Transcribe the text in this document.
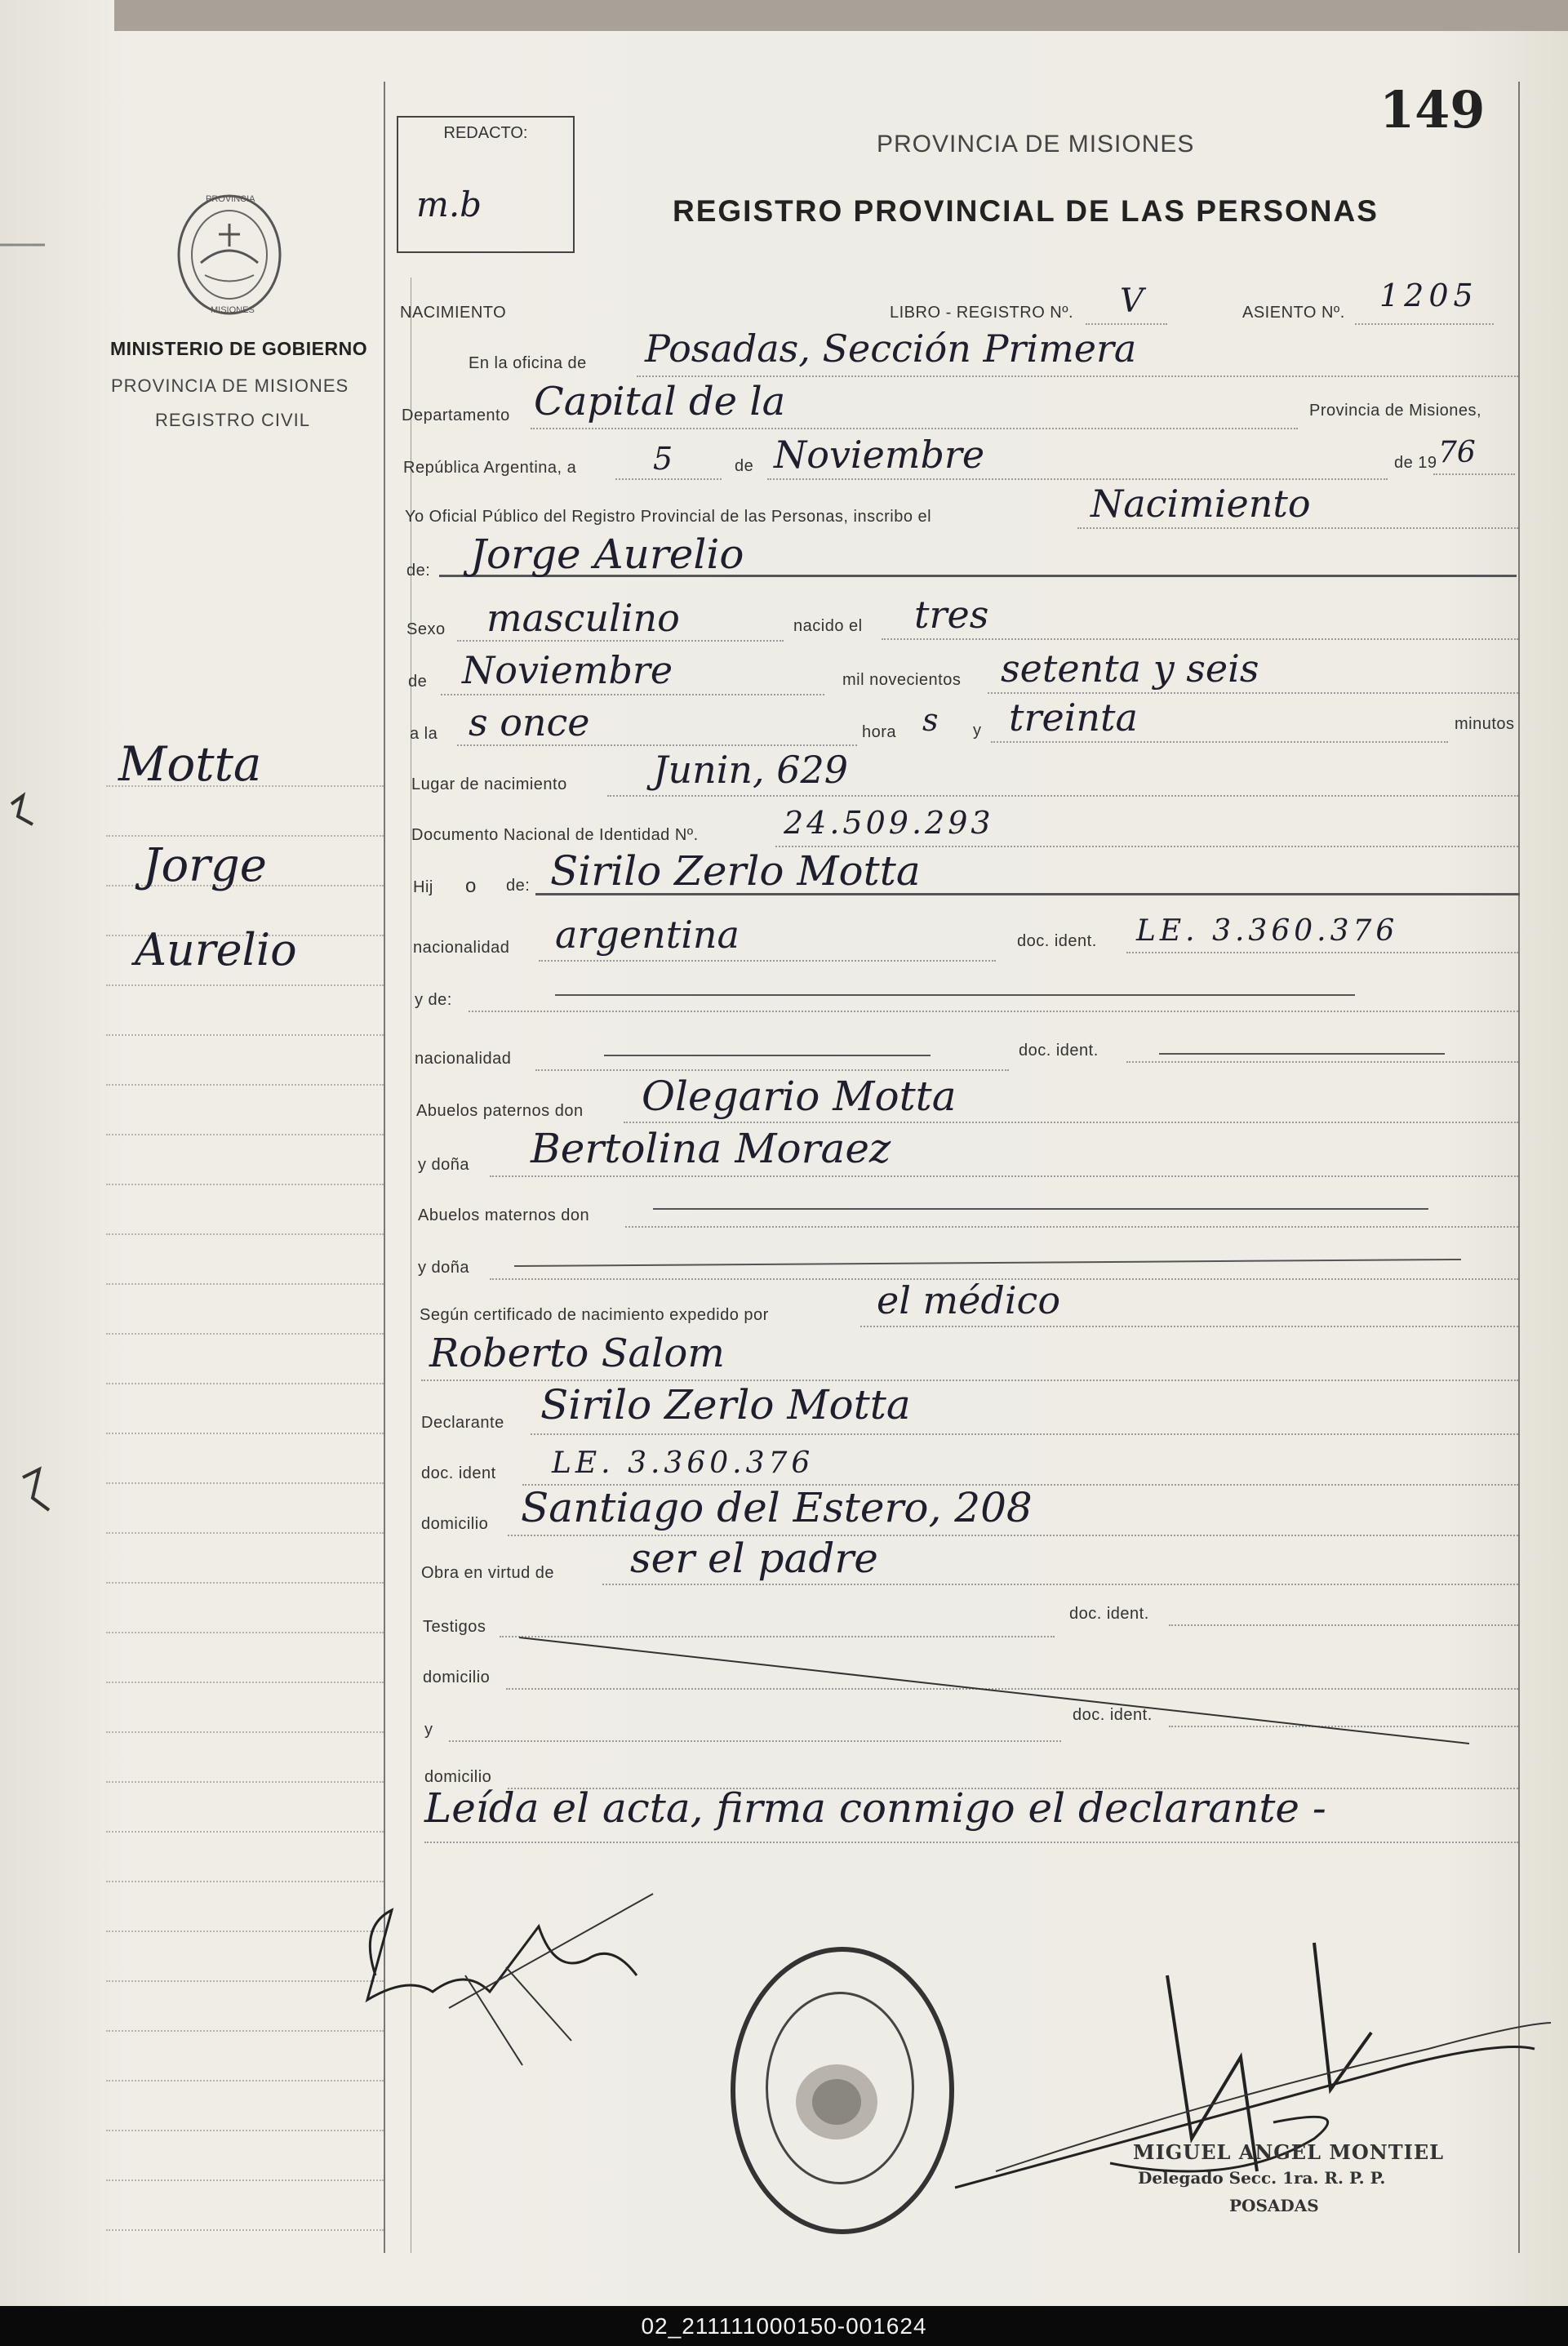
149
REDACTO:
m.b
PROVINCIA DE MISIONES
REGISTRO PROVINCIAL DE LAS PERSONAS
PROVINCIA
MISIONES
MINISTERIO DE GOBIERNO
PROVINCIA DE MISIONES
REGISTRO CIVIL
Motta
Jorge
Aurelio
NACIMIENTO	LIBRO - REGISTRO Nº. V	ASIENTO Nº. 1205
En la oficina de Posadas, Sección Primera
Departamento Capital de la	Provincia de Misiones,
República Argentina, a 5	de Noviembre	de 19 76
Yo Oficial Público del Registro Provincial de las Personas, inscribo el	Nacimiento
de: Jorge Aurelio
Sexo masculino	nacido el tres
de Noviembre	mil novecientos setenta y seis
a la s once	hora s y treinta	minutos
Lugar de nacimiento Junin, 629
Documento Nacional de Identidad Nº.	24.509.293
Hij o de: Sirilo Zerlo Motta
nacionalidad argentina	doc. ident. LE. 3.360.376
y de:
nacionalidad	doc. ident.
Abuelos paternos don Olegario Motta
y doña Bertolina Moraez
Abuelos maternos don
y doña
Según certificado de nacimiento expedido por	el médico
Roberto Salom
Declarante Sirilo Zerlo Motta
doc. ident LE. 3.360.376
domicilio Santiago del Estero, 208
Obra en virtud de ser el padre
Testigos
doc. ident.
domicilio
y
doc. ident.
domicilio
Leída el acta, firma conmigo el declarante -
MIGUEL ANGEL MONTIEL
Delegado Secc. 1ra. R. P. P.
POSADAS
02_211111000150-001624
